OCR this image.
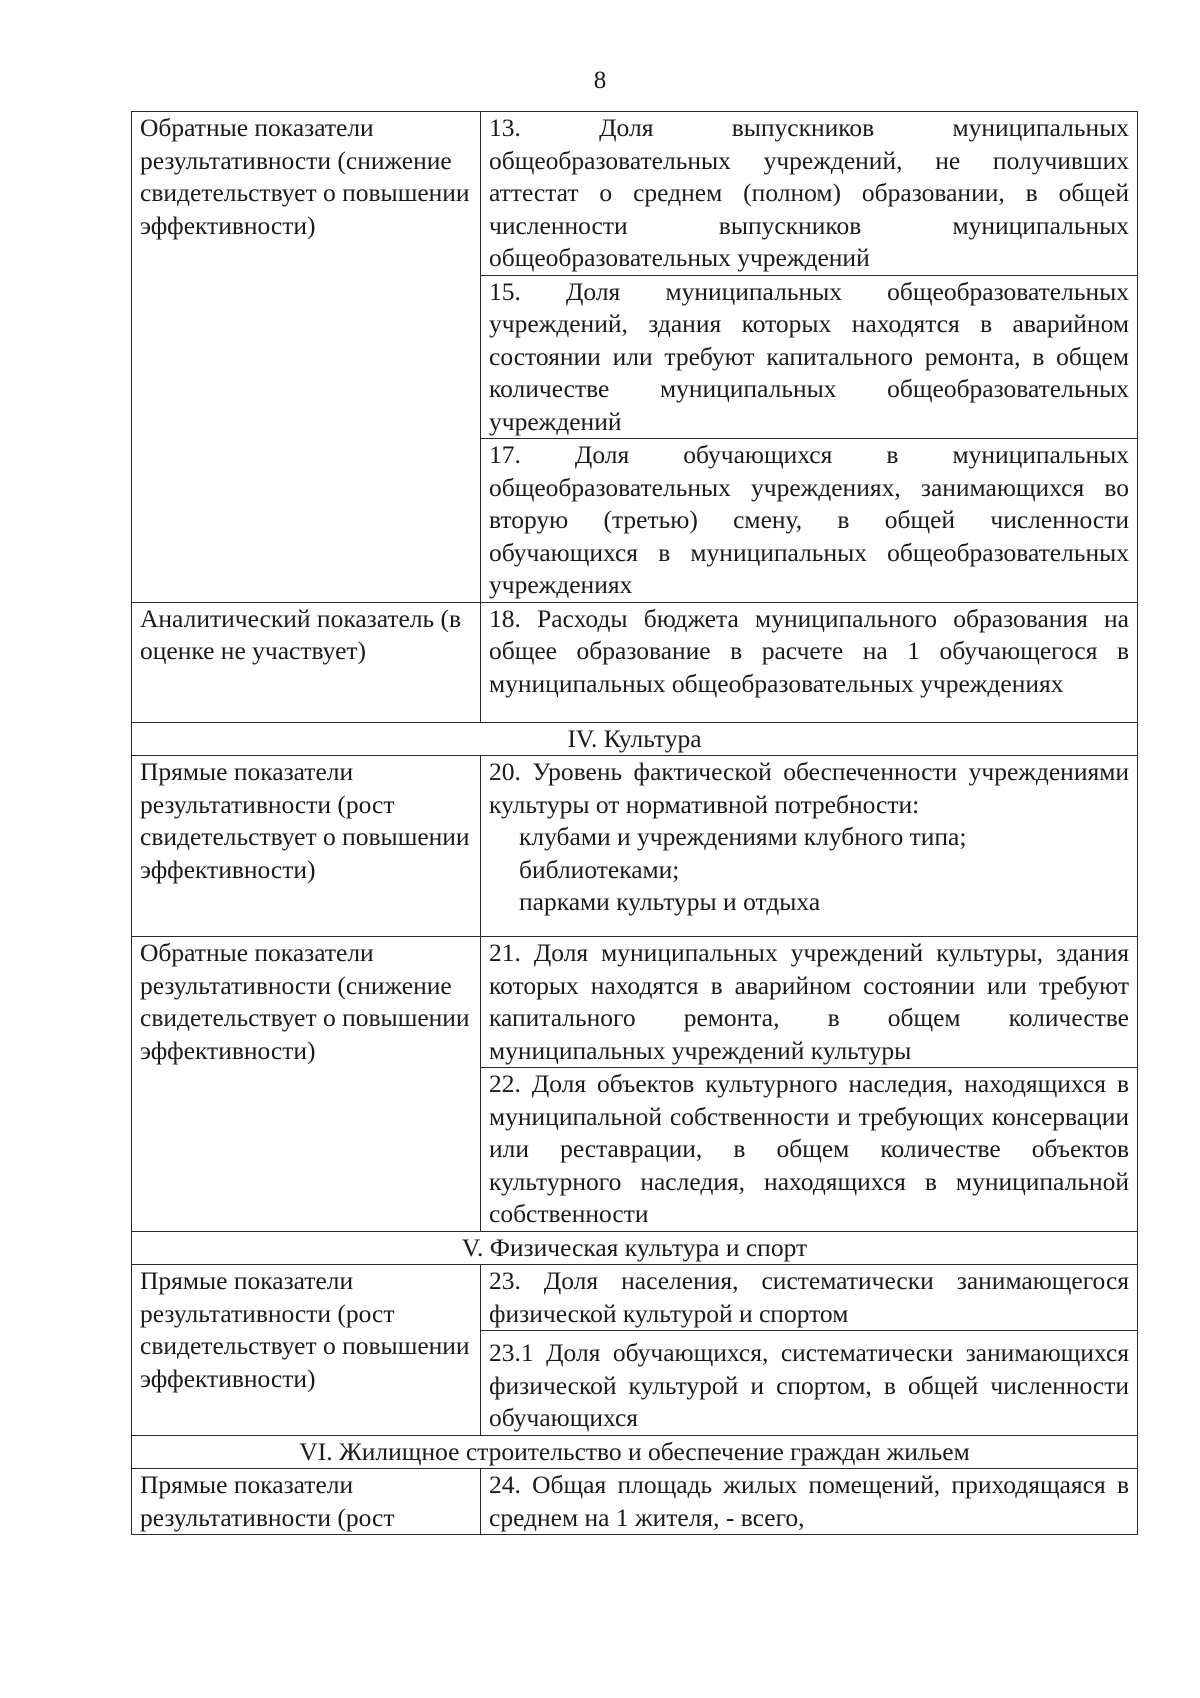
8
Обратные показатели результативности (снижение свидетельствует о повышении эффективности)	13. Доля выпускников муниципальных общеобразовательных учреждений, не получивших аттестат о среднем (полном) образовании, в общей численности выпускников муниципальных общеобразовательных учреждений
	15. Доля муниципальных общеобразовательных учреждений, здания которых находятся в аварийном состоянии или требуют капитального ремонта, в общем количестве муниципальных общеобразовательных учреждений
	17. Доля обучающихся в муниципальных общеобразовательных учреждениях, занимающихся во вторую (третью) смену, в общей численности обучающихся в муниципальных общеобразовательных учреждениях
Аналитический показатель (в оценке не участвует)	18. Расходы бюджета муниципального образования на общее образование в расчете на 1 обучающегося в муниципальных общеобразовательных учреждениях
IV. Культура	
Прямые показатели результативности (рост свидетельствует о повышении эффективности)	20. Уровень фактической обеспеченности учреждениями культуры от нормативной потребности:
клубами и учреждениями клубного типа;
библиотеками;
парками культуры и отдыха

Обратные показатели результативности (снижение свидетельствует о повышении эффективности)	21. Доля муниципальных учреждений культуры, здания которых находятся в аварийном состоянии или требуют капитального ремонта, в общем количестве муниципальных учреждений культуры
	22. Доля объектов культурного наследия, находящихся в муниципальной собственности и требующих консервации или реставрации, в общем количестве объектов культурного наследия, находящихся в муниципальной собственности
V. Физическая культура и спорт	
Прямые показатели результативности (рост свидетельствует о повышении эффективности)	23. Доля населения, систематически занимающегося физической культурой и спортом
	23.1 Доля обучающихся, систематически занимающихся физической культурой и спортом, в общей численности обучающихся
VI. Жилищное строительство и обеспечение граждан жильем	
Прямые показатели результативности (рост	24. Общая площадь жилых помещений, приходящаяся в среднем на 1 жителя, - всего,
